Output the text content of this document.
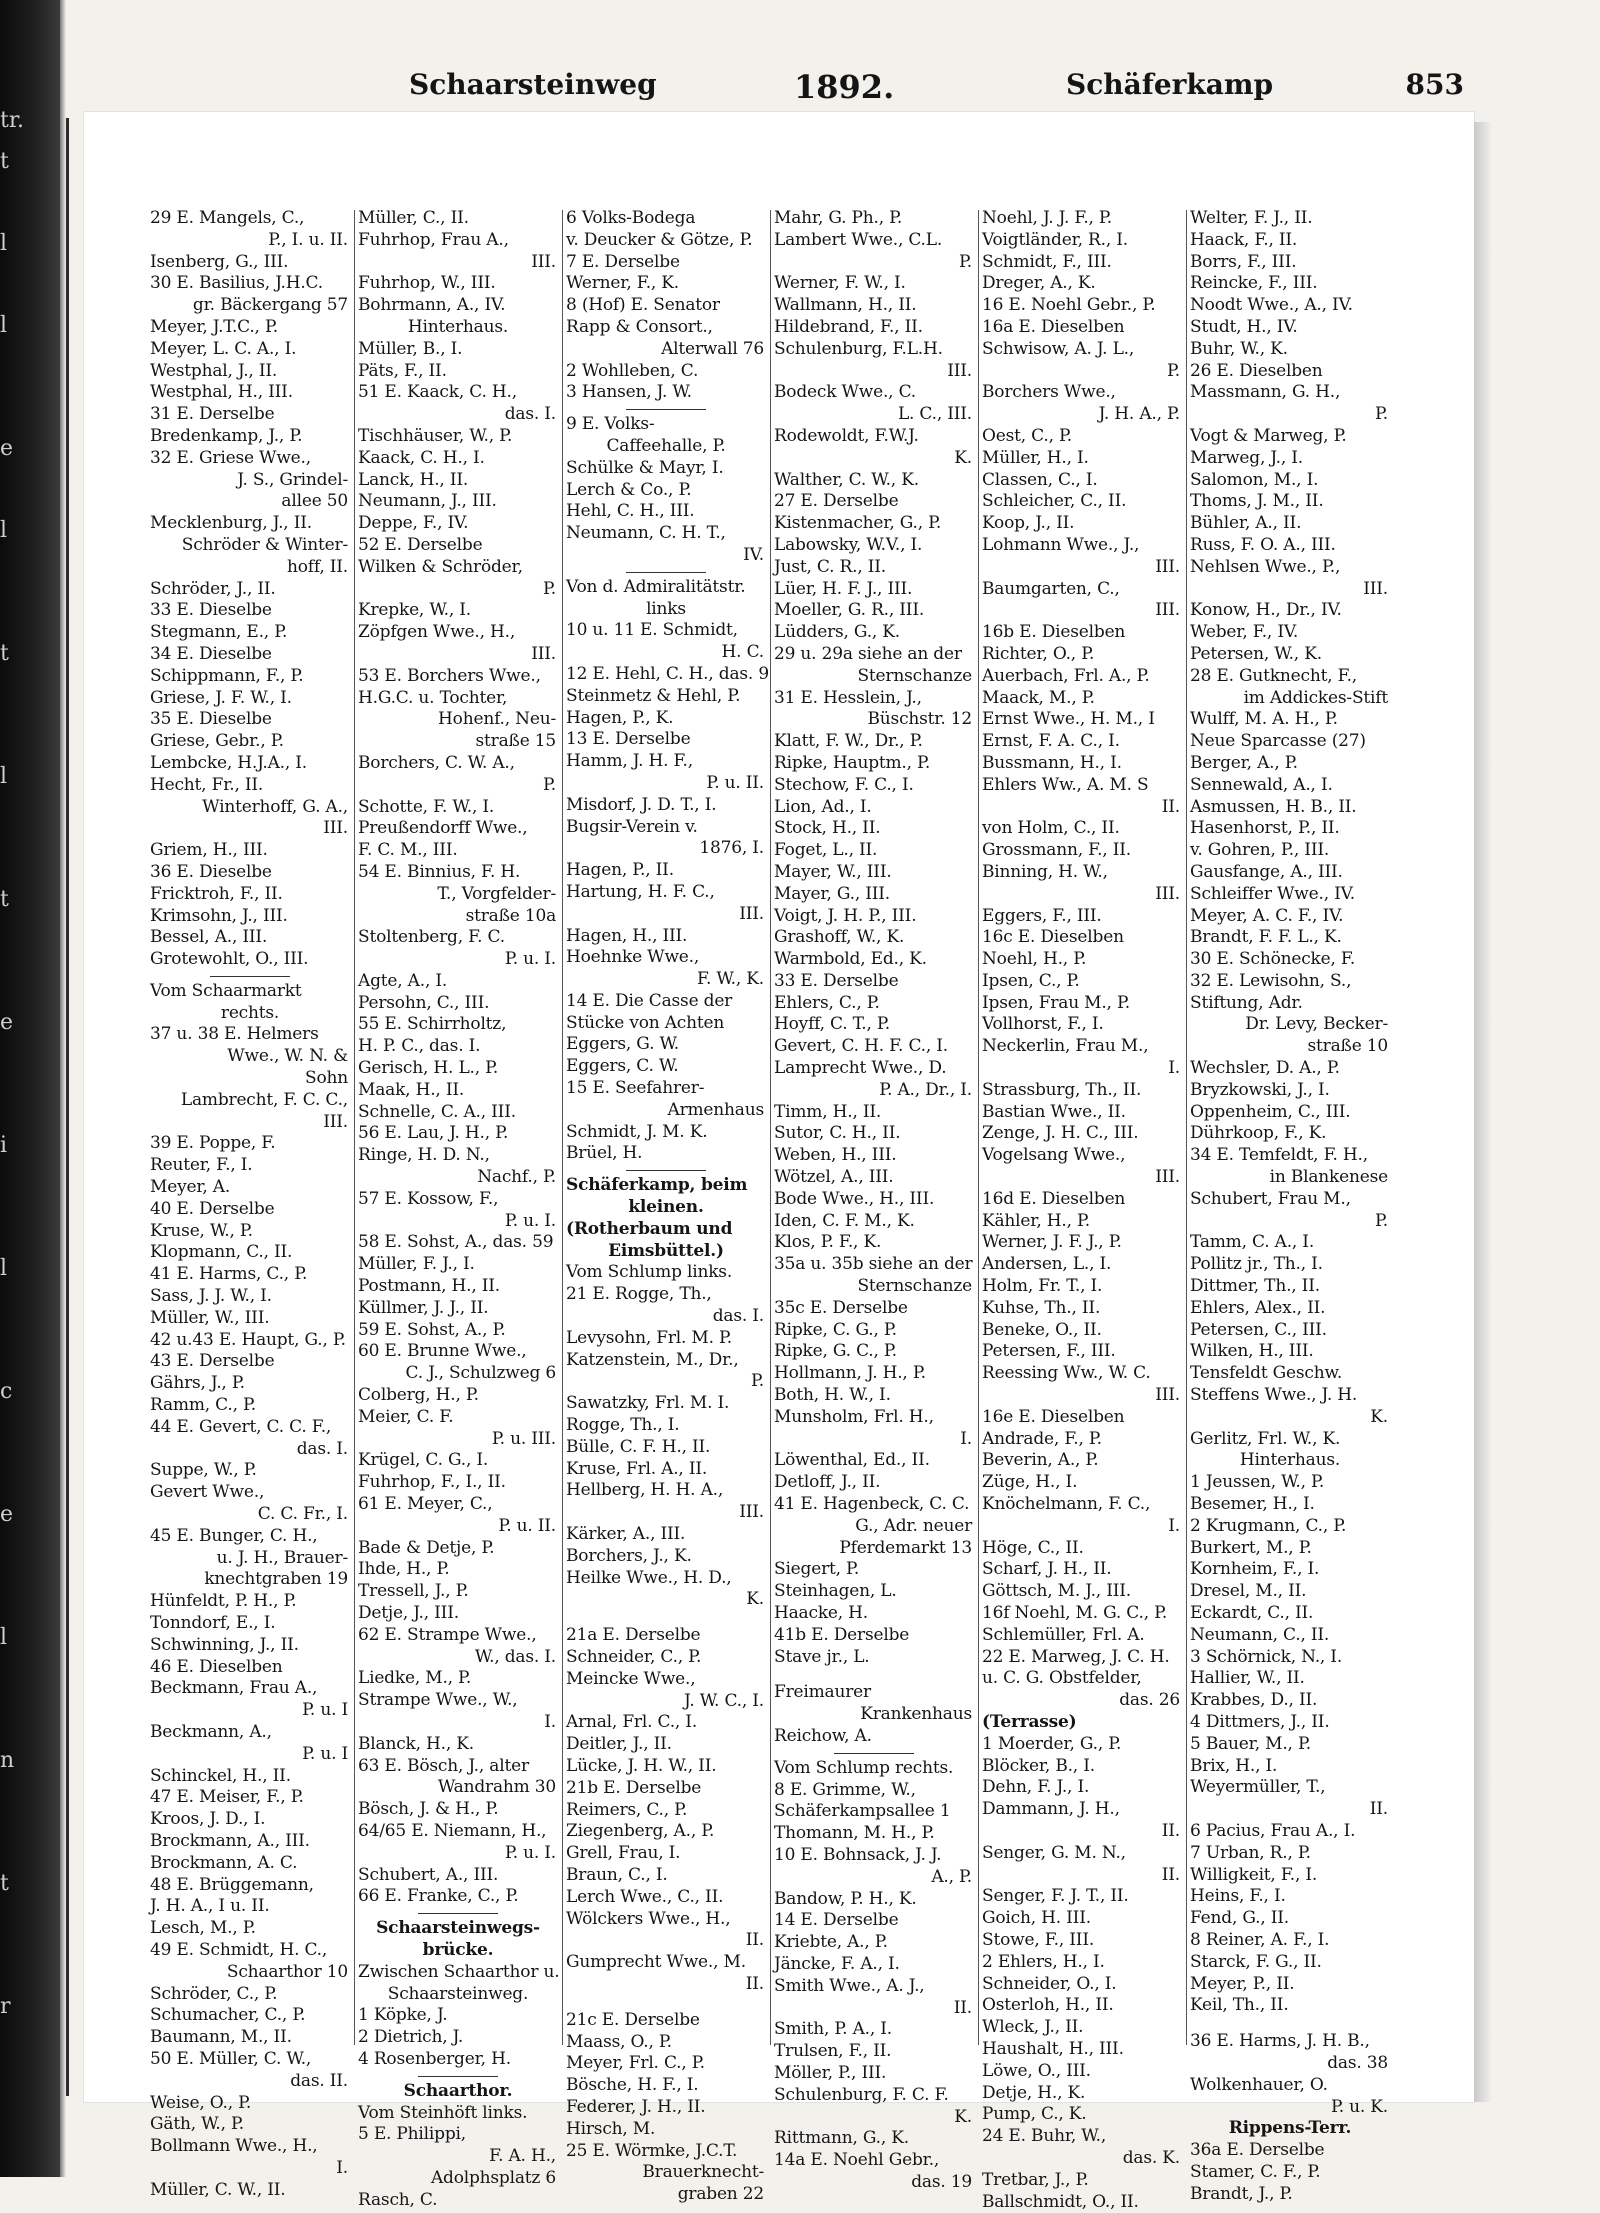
tr.
t
l
l
e
l
t
l
t
e
i
l
c
e
l
n
t
r
Schaarsteinweg	1892.	Schäferkamp	853
29 E. Mangels, C.,
P., I. u. II.
Isenberg, G., III.
30 E. Basilius, J.H.C.
gr. Bäckergang 57
Meyer, J.T.C., P.
Meyer, L. C. A., I.
Westphal, J., II.
Westphal, H., III.
31 E. Derselbe
Bredenkamp, J., P.
32 E. Griese Wwe.,
J. S., Grindel-
allee 50
Mecklenburg, J., II.
Schröder & Winter-
hoff, II.
Schröder, J., II.
33 E. Dieselbe
Stegmann, E., P.
34 E. Dieselbe
Schippmann, F., P.
Griese, J. F. W., I.
35 E. Dieselbe
Griese, Gebr., P.
Lembcke, H.J.A., I.
Hecht, Fr., II.
Winterhoff, G. A.,
III.
Griem, H., III.
36 E. Dieselbe
Fricktroh, F., II.
Krimsohn, J., III.
Bessel, A., III.
Grotewohlt, O., III.
Vom Schaarmarkt
rechts.
37 u. 38 E. Helmers
Wwe., W. N. &
Sohn
Lambrecht, F. C. C.,
III.
39 E. Poppe, F.
Reuter, F., I.
Meyer, A.
40 E. Derselbe
Kruse, W., P.
Klopmann, C., II.
41 E. Harms, C., P.
Sass, J. J. W., I.
Müller, W., III.
42 u.43 E. Haupt, G., P.
43 E. Derselbe
Gährs, J., P.
Ramm, C., P.
44 E. Gevert, C. C. F.,
das. I.
Suppe, W., P.
Gevert Wwe.,
C. C. Fr., I.
45 E. Bunger, C. H.,
u. J. H., Brauer-
knechtgraben 19
Hünfeldt, P. H., P.
Tonndorf, E., I.
Schwinning, J., II.
46 E. Dieselben
Beckmann, Frau A.,
P. u. I
Beckmann, A.,
P. u. I
Schinckel, H., II.
47 E. Meiser, F., P.
Kroos, J. D., I.
Brockmann, A., III.
Brockmann, A. C.
48 E. Brüggemann,
J. H. A., I u. II.
Lesch, M., P.
49 E. Schmidt, H. C.,
Schaarthor 10
Schröder, C., P.
Schumacher, C., P.
Baumann, M., II.
50 E. Müller, C. W.,
das. II.
Weise, O., P.
Gäth, W., P.
Bollmann Wwe., H.,
I.
Müller, C. W., II.
Müller, C., II.
Fuhrhop, Frau A.,
III.
Fuhrhop, W., III.
Bohrmann, A., IV.
Hinterhaus.
Müller, B., I.
Päts, F., II.
51 E. Kaack, C. H.,
das. I.
Tischhäuser, W., P.
Kaack, C. H., I.
Lanck, H., II.
Neumann, J., III.
Deppe, F., IV.
52 E. Derselbe
Wilken & Schröder,
P.
Krepke, W., I.
Zöpfgen Wwe., H.,
III.
53 E. Borchers Wwe.,
H.G.C. u. Tochter,
Hohenf., Neu-
straße 15
Borchers, C. W. A.,
P.
Schotte, F. W., I.
Preußendorff Wwe.,
F. C. M., III.
54 E. Binnius, F. H.
T., Vorgfelder-
straße 10a
Stoltenberg, F. C.
P. u. I.
Agte, A., I.
Persohn, C., III.
55 E. Schirrholtz,
H. P. C., das. I.
Gerisch, H. L., P.
Maak, H., II.
Schnelle, C. A., III.
56 E. Lau, J. H., P.
Ringe, H. D. N.,
Nachf., P.
57 E. Kossow, F.,
P. u. I.
58 E. Sohst, A., das. 59
Müller, F. J., I.
Postmann, H., II.
Küllmer, J. J., II.
59 E. Sohst, A., P.
60 E. Brunne Wwe.,
C. J., Schulzweg 6
Colberg, H., P.
Meier, C. F.
P. u. III.
Krügel, C. G., I.
Fuhrhop, F., I., II.
61 E. Meyer, C.,
P. u. II.
Bade & Detje, P.
Ihde, H., P.
Tressell, J., P.
Detje, J., III.
62 E. Strampe Wwe.,
W., das. I.
Liedke, M., P.
Strampe Wwe., W.,
I.
Blanck, H., K.
63 E. Bösch, J., alter
Wandrahm 30
Bösch, J. & H., P.
64/65 E. Niemann, H.,
P. u. I.
Schubert, A., III.
66 E. Franke, C., P.
Schaarsteinwegs-
brücke.
Zwischen Schaarthor u.
Schaarsteinweg.
1 Köpke, J.
2 Dietrich, J.
4 Rosenberger, H.
Schaarthor.
Vom Steinhöft links.
5 E. Philippi,
F. A. H.,
Adolphsplatz 6
Rasch, C.
6 Volks-Bodega
v. Deucker & Götze, P.
7 E. Derselbe
Werner, F., K.
8 (Hof) E. Senator
Rapp & Consort.,
Alterwall 76
2 Wohlleben, C.
3 Hansen, J. W.
9 E. Volks-
Caffeehalle, P.
Schülke & Mayr, I.
Lerch & Co., P.
Hehl, C. H., III.
Neumann, C. H. T.,
IV.
Von d. Admiralitätstr.
links
10 u. 11 E. Schmidt,
H. C.
12 E. Hehl, C. H., das. 9
Steinmetz & Hehl, P.
Hagen, P., K.
13 E. Derselbe
Hamm, J. H. F.,
P. u. II.
Misdorf, J. D. T., I.
Bugsir-Verein v.
1876, I.
Hagen, P., II.
Hartung, H. F. C.,
III.
Hagen, H., III.
Hoehnke Wwe.,
F. W., K.
14 E. Die Casse der
Stücke von Achten
Eggers, G. W.
Eggers, C. W.
15 E. Seefahrer-
Armenhaus
Schmidt, J. M. K.
Brüel, H.
Schäferkamp, beim
kleinen.
(Rotherbaum und
Eimsbüttel.)
Vom Schlump links.
21 E. Rogge, Th.,
das. I.
Levysohn, Frl. M. P.
Katzenstein, M., Dr.,
P.
Sawatzky, Frl. M. I.
Rogge, Th., I.
Bülle, C. F. H., II.
Kruse, Frl. A., II.
Hellberg, H. H. A.,
III.
Kärker, A., III.
Borchers, J., K.
Heilke Wwe., H. D.,
K.
21a E. Derselbe
Schneider, C., P.
Meincke Wwe.,
J. W. C., I.
Arnal, Frl. C., I.
Deitler, J., II.
Lücke, J. H. W., II.
21b E. Derselbe
Reimers, C., P.
Ziegenberg, A., P.
Grell, Frau, I.
Braun, C., I.
Lerch Wwe., C., II.
Wölckers Wwe., H.,
II.
Gumprecht Wwe., M.
II.
21c E. Derselbe
Maass, O., P.
Meyer, Frl. C., P.
Bösche, H. F., I.
Federer, J. H., II.
Hirsch, M.
25 E. Wörmke, J.C.T.
Brauerknecht-
graben 22
Mahr, G. Ph., P.
Lambert Wwe., C.L.
P.
Werner, F. W., I.
Wallmann, H., II.
Hildebrand, F., II.
Schulenburg, F.L.H.
III.
Bodeck Wwe., C.
L. C., III.
Rodewoldt, F.W.J.
K.
Walther, C. W., K.
27 E. Derselbe
Kistenmacher, G., P.
Labowsky, W.V., I.
Just, C. R., II.
Lüer, H. F. J., III.
Moeller, G. R., III.
Lüdders, G., K.
29 u. 29a siehe an der
Sternschanze
31 E. Hesslein, J.,
Büschstr. 12
Klatt, F. W., Dr., P.
Ripke, Hauptm., P.
Stechow, F. C., I.
Lion, Ad., I.
Stock, H., II.
Foget, L., II.
Mayer, W., III.
Mayer, G., III.
Voigt, J. H. P., III.
Grashoff, W., K.
Warmbold, Ed., K.
33 E. Derselbe
Ehlers, C., P.
Hoyff, C. T., P.
Gevert, C. H. F. C., I.
Lamprecht Wwe., D.
P. A., Dr., I.
Timm, H., II.
Sutor, C. H., II.
Weben, H., III.
Wötzel, A., III.
Bode Wwe., H., III.
Iden, C. F. M., K.
Klos, P. F., K.
35a u. 35b siehe an der
Sternschanze
35c E. Derselbe
Ripke, C. G., P.
Ripke, G. C., P.
Hollmann, J. H., P.
Both, H. W., I.
Munsholm, Frl. H.,
I.
Löwenthal, Ed., II.
Detloff, J., II.
41 E. Hagenbeck, C. C.
G., Adr. neuer
Pferdemarkt 13
Siegert, P.
Steinhagen, L.
Haacke, H.
41b E. Derselbe
Stave jr., L.
Freimaurer
Krankenhaus
Reichow, A.
Vom Schlump rechts.
8 E. Grimme, W.,
Schäferkampsallee 1
Thomann, M. H., P.
10 E. Bohnsack, J. J.
A., P.
Bandow, P. H., K.
14 E. Derselbe
Kriebte, A., P.
Jäncke, F. A., I.
Smith Wwe., A. J.,
II.
Smith, P. A., I.
Trulsen, F., II.
Möller, P., III.
Schulenburg, F. C. F.
K.
Rittmann, G., K.
14a E. Noehl Gebr.,
das. 19
Noehl, J. J. F., P.
Voigtländer, R., I.
Schmidt, F., III.
Dreger, A., K.
16 E. Noehl Gebr., P.
16a E. Dieselben
Schwisow, A. J. L.,
P.
Borchers Wwe.,
J. H. A., P.
Oest, C., P.
Müller, H., I.
Classen, C., I.
Schleicher, C., II.
Koop, J., II.
Lohmann Wwe., J.,
III.
Baumgarten, C.,
III.
16b E. Dieselben
Richter, O., P.
Auerbach, Frl. A., P.
Maack, M., P.
Ernst Wwe., H. M., I
Ernst, F. A. C., I.
Bussmann, H., I.
Ehlers Ww., A. M. S
II.
von Holm, C., II.
Grossmann, F., II.
Binning, H. W.,
III.
Eggers, F., III.
16c E. Dieselben
Noehl, H., P.
Ipsen, C., P.
Ipsen, Frau M., P.
Vollhorst, F., I.
Neckerlin, Frau M.,
I.
Strassburg, Th., II.
Bastian Wwe., II.
Zenge, J. H. C., III.
Vogelsang Wwe.,
III.
16d E. Dieselben
Kähler, H., P.
Werner, J. F. J., P.
Andersen, L., I.
Holm, Fr. T., I.
Kuhse, Th., II.
Beneke, O., II.
Petersen, F., III.
Reessing Ww., W. C.
III.
16e E. Dieselben
Andrade, F., P.
Beverin, A., P.
Züge, H., I.
Knöchelmann, F. C.,
I.
Höge, C., II.
Scharf, J. H., II.
Göttsch, M. J., III.
16f Noehl, M. G. C., P.
Schlemüller, Frl. A.
22 E. Marweg, J. C. H.
u. C. G. Obstfelder,
das. 26
(Terrasse)
1 Moerder, G., P.
Blöcker, B., I.
Dehn, F. J., I.
Dammann, J. H.,
II.
Senger, G. M. N.,
II.
Senger, F. J. T., II.
Goich, H. III.
Stowe, F., III.
2 Ehlers, H., I.
Schneider, O., I.
Osterloh, H., II.
Wleck, J., II.
Haushalt, H., III.
Löwe, O., III.
Detje, H., K.
Pump, C., K.
24 E. Buhr, W.,
das. K.
Tretbar, J., P.
Ballschmidt, O., II.
Welter, F. J., II.
Haack, F., II.
Borrs, F., III.
Reincke, F., III.
Noodt Wwe., A., IV.
Studt, H., IV.
Buhr, W., K.
26 E. Dieselben
Massmann, G. H.,
P.
Vogt & Marweg, P.
Marweg, J., I.
Salomon, M., I.
Thoms, J. M., II.
Bühler, A., II.
Russ, F. O. A., III.
Nehlsen Wwe., P.,
III.
Konow, H., Dr., IV.
Weber, F., IV.
Petersen, W., K.
28 E. Gutknecht, F.,
im Addickes-Stift
Wulff, M. A. H., P.
Neue Sparcasse (27)
Berger, A., P.
Sennewald, A., I.
Asmussen, H. B., II.
Hasenhorst, P., II.
v. Gohren, P., III.
Gausfange, A., III.
Schleiffer Wwe., IV.
Meyer, A. C. F., IV.
Brandt, F. F. L., K.
30 E. Schönecke, F.
32 E. Lewisohn, S.,
Stiftung, Adr.
Dr. Levy, Becker-
straße 10
Wechsler, D. A., P.
Bryzkowski, J., I.
Oppenheim, C., III.
Dührkoop, F., K.
34 E. Temfeldt, F. H.,
in Blankenese
Schubert, Frau M.,
P.
Tamm, C. A., I.
Pollitz jr., Th., I.
Dittmer, Th., II.
Ehlers, Alex., II.
Petersen, C., III.
Wilken, H., III.
Tensfeldt Geschw.
Steffens Wwe., J. H.
K.
Gerlitz, Frl. W., K.
Hinterhaus.
1 Jeussen, W., P.
Besemer, H., I.
2 Krugmann, C., P.
Burkert, M., P.
Kornheim, F., I.
Dresel, M., II.
Eckardt, C., II.
Neumann, C., II.
3 Schörnick, N., I.
Hallier, W., II.
Krabbes, D., II.
4 Dittmers, J., II.
5 Bauer, M., P.
Brix, H., I.
Weyermüller, T.,
II.
6 Pacius, Frau A., I.
7 Urban, R., P.
Willigkeit, F., I.
Heins, F., I.
Fend, G., II.
8 Reiner, A. F., I.
Starck, F. G., II.
Meyer, P., II.
Keil, Th., II.
36 E. Harms, J. H. B.,
das. 38
Wolkenhauer, O.
P. u. K.
Rippens-Terr.
36a E. Derselbe
Stamer, C. F., P.
Brandt, J., P.
